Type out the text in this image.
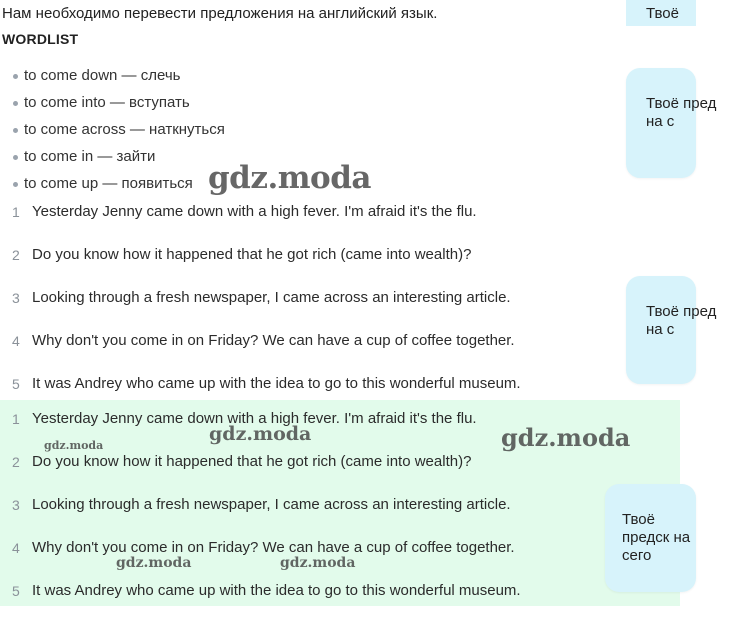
Нам необходимо перевести предложения на английский язык.	Твоё
WORDLIST
to come down — слечь
to come into — вступать
to come across — наткнуться
to come in — зайти
to come up — появиться
1 Yesterday Jenny came down with a high fever. I'm afraid it's the flu.
2 Do you know how it happened that he got rich (came into wealth)?
3 Looking through a fresh newspaper, I came across an interesting article.
4 Why don't you come in on Friday? We can have a cup of coffee together.
5 It was Andrey who came up with the idea to go to this wonderful museum.
1 Yesterday Jenny came down with a high fever. I'm afraid it's the flu.
2 Do you know how it happened that he got rich (came into wealth)?
3 Looking through a fresh newspaper, I came across an interesting article.
4 Why don't you come in on Friday? We can have a cup of coffee together.
5 It was Andrey who came up with the idea to go to this wonderful museum.
Твоё пред на с
Твоё пред на с
Твоё предск на сего
gdz.moda
gdz.moda	gdz.moda
gdz.moda
gdz.moda	gdz.moda
